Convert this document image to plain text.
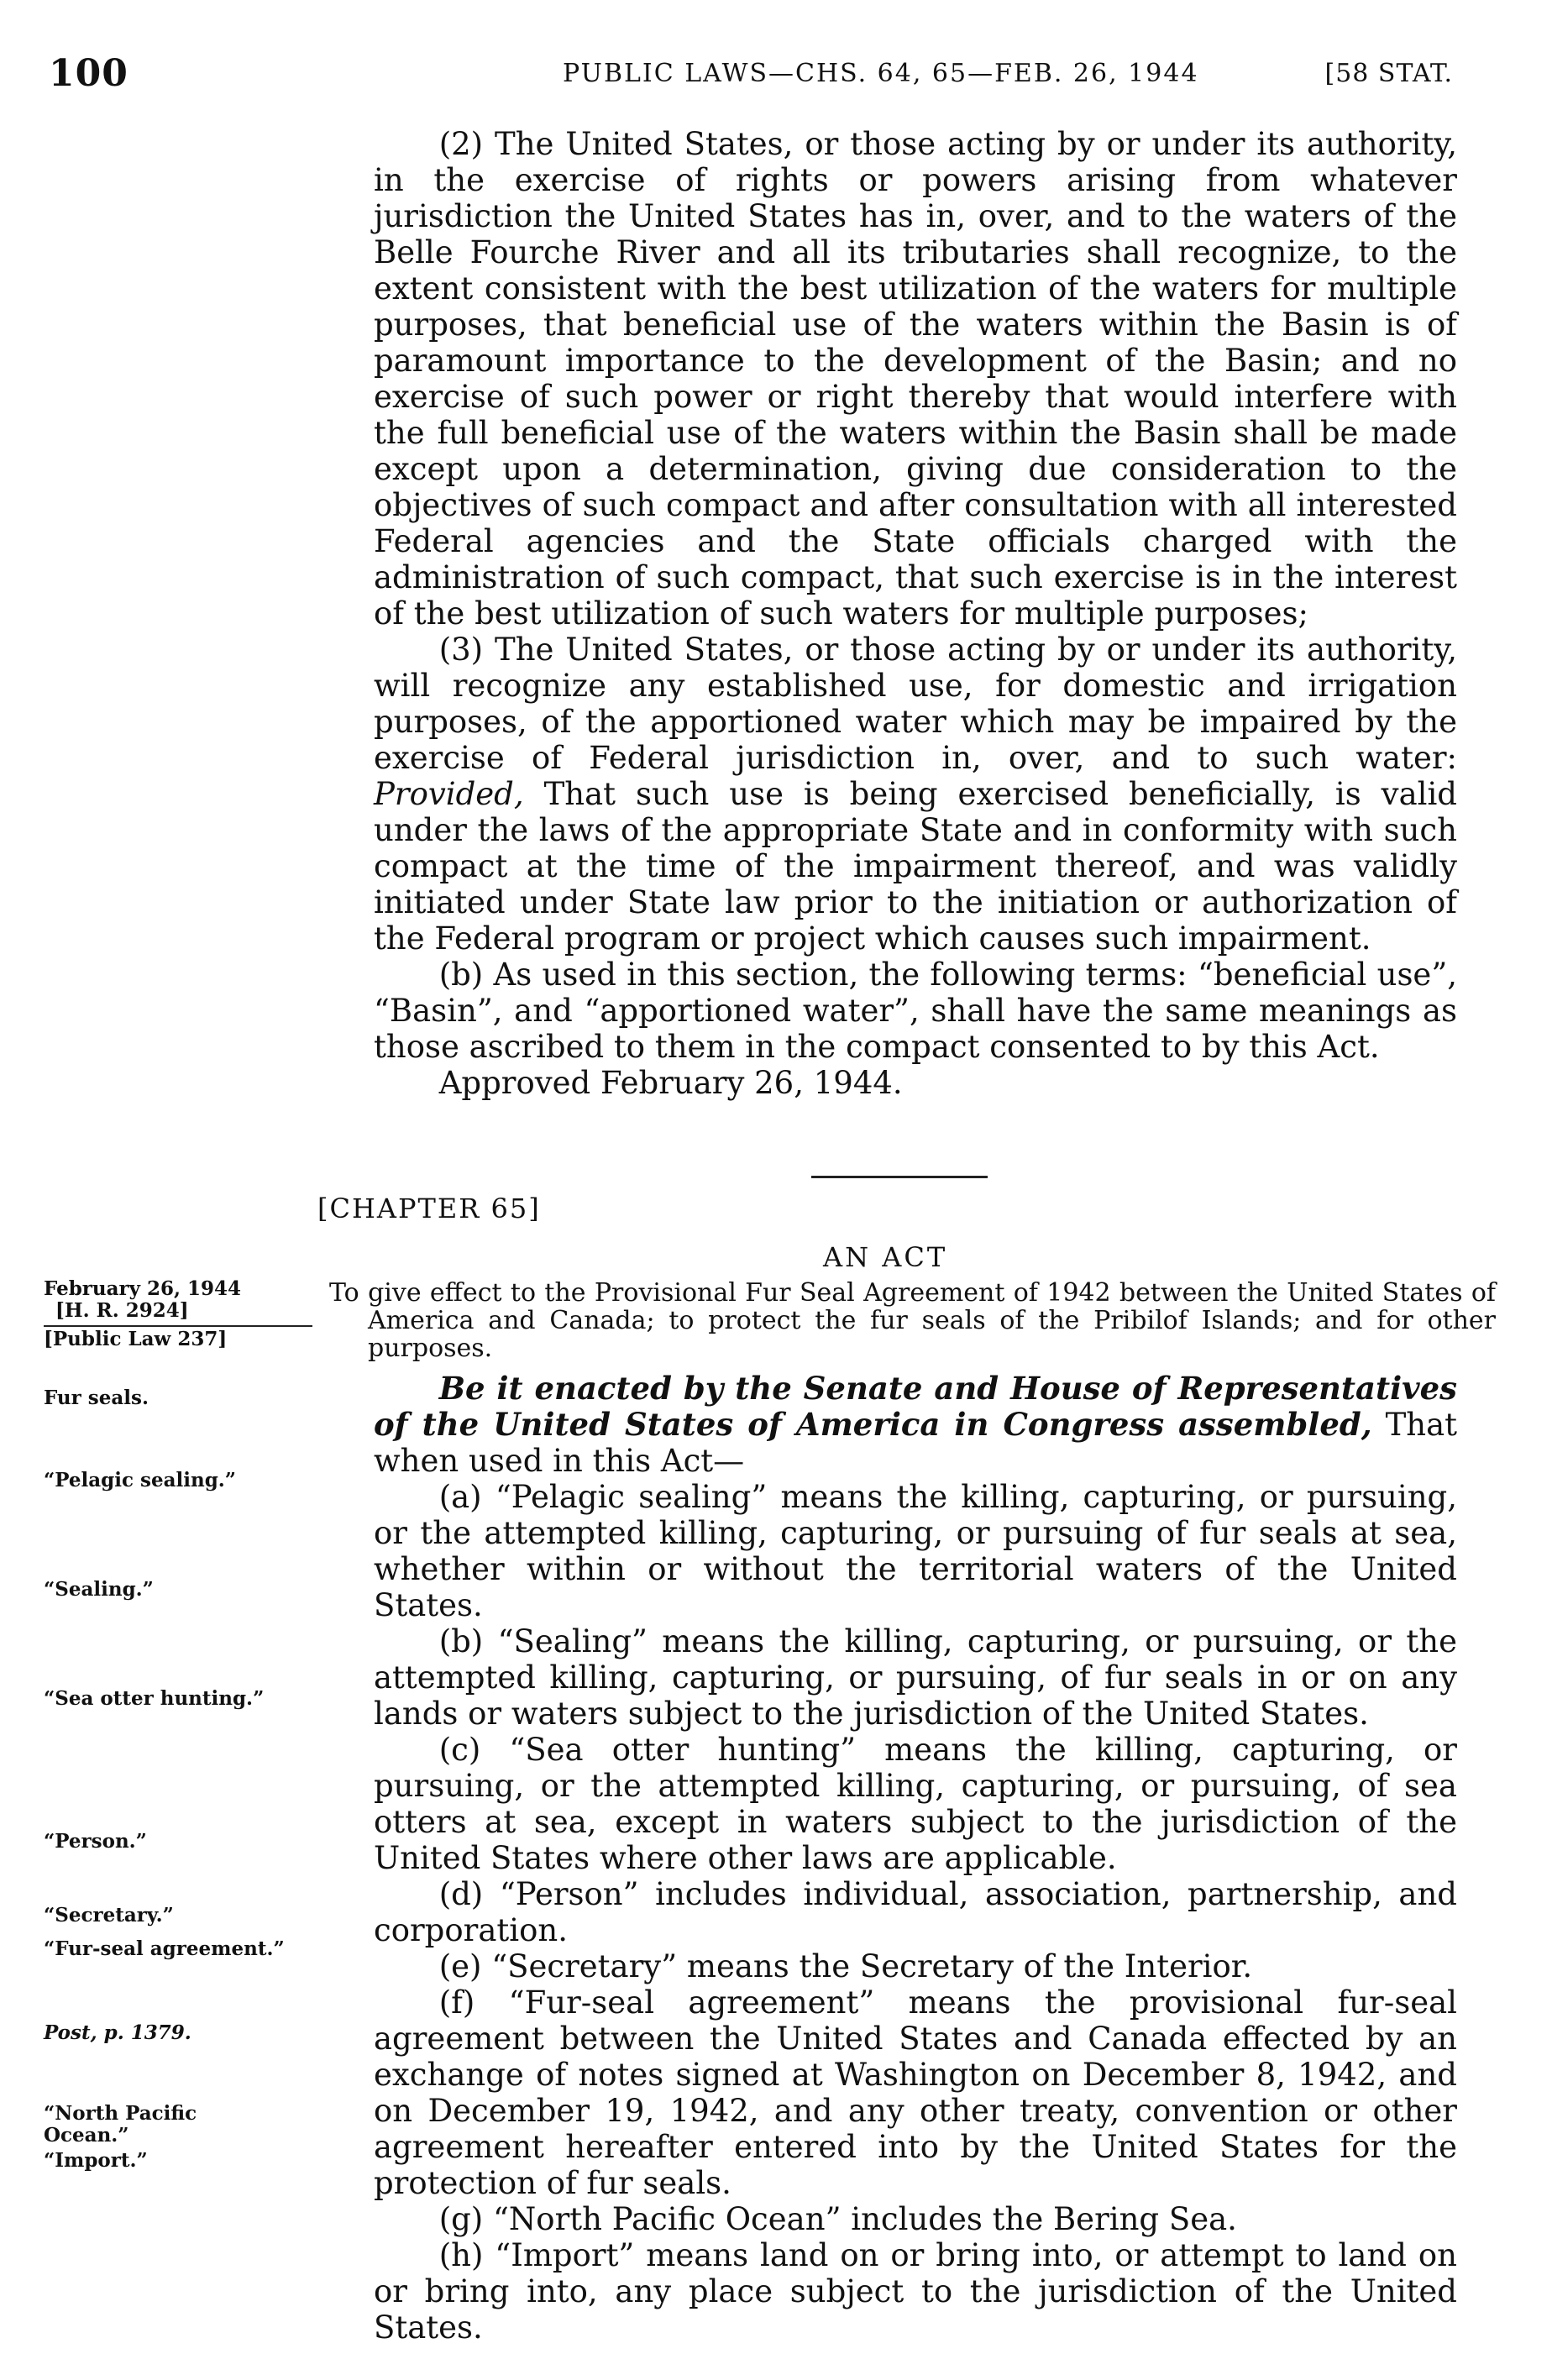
100	PUBLIC LAWS—CHS. 64, 65—FEB. 26, 1944	[58 STAT.

(2) The United States, or those acting by or under its authority, in the exercise of rights or powers arising from whatever jurisdiction the United States has in, over, and to the waters of the Belle Fourche River and all its tributaries shall recognize, to the extent consistent with the best utilization of the waters for multiple purposes, that beneficial use of the waters within the Basin is of paramount importance to the development of the Basin; and no exercise of such power or right thereby that would interfere with the full beneficial use of the waters within the Basin shall be made except upon a determination, giving due consideration to the objectives of such compact and after consultation with all interested Federal agencies and the State officials charged with the administration of such compact, that such exercise is in the interest of the best utilization of such waters for multiple purposes;

(3) The United States, or those acting by or under its authority, will recognize any established use, for domestic and irrigation purposes, of the apportioned water which may be impaired by the exercise of Federal jurisdiction in, over, and to such water: Provided, That such use is being exercised beneficially, is valid under the laws of the appropriate State and in conformity with such compact at the time of the impairment thereof, and was validly initiated under State law prior to the initiation or authorization of the Federal program or project which causes such impairment.

(b) As used in this section, the following terms: “beneficial use”, “Basin”, and “apportioned water”, shall have the same meanings as those ascribed to them in the compact consented to by this Act.

Approved February 26, 1944.

[CHAPTER 65]
AN ACT
To give effect to the Provisional Fur Seal Agreement of 1942 between the United States of America and Canada; to protect the fur seals of the Pribilof Islands; and for other purposes.
February 26, 1944
[H. R. 2924]
[Public Law 237]

Be it enacted by the Senate and House of Representatives of the United States of America in Congress assembled, That when used in this Act—

(a) “Pelagic sealing” means the killing, capturing, or pursuing, or the attempted killing, capturing, or pursuing of fur seals at sea, whether within or without the territorial waters of the United States.

(b) “Sealing” means the killing, capturing, or pursuing, or the attempted killing, capturing, or pursuing, of fur seals in or on any lands or waters subject to the jurisdiction of the United States.

(c) “Sea otter hunting” means the killing, capturing, or pursuing, or the attempted killing, capturing, or pursuing, of sea otters at sea, except in waters subject to the jurisdiction of the United States where other laws are applicable.

(d) “Person” includes individual, association, partnership, and corporation.

(e) “Secretary” means the Secretary of the Interior.

(f) “Fur-seal agreement” means the provisional fur-seal agreement between the United States and Canada effected by an exchange of notes signed at Washington on December 8, 1942, and on December 19, 1942, and any other treaty, convention or other agreement hereafter entered into by the United States for the protection of fur seals.

(g) “North Pacific Ocean” includes the Bering Sea.

(h) “Import” means land on or bring into, or attempt to land on or bring into, any place subject to the jurisdiction of the United States.

Fur seals.
“Pelagic sealing.”
“Sealing.”
“Sea otter hunting.”
“Person.”
“Secretary.”
“Fur-seal agreement.”
Post, p. 1379.
“North Pacific Ocean.”
“Import.”
